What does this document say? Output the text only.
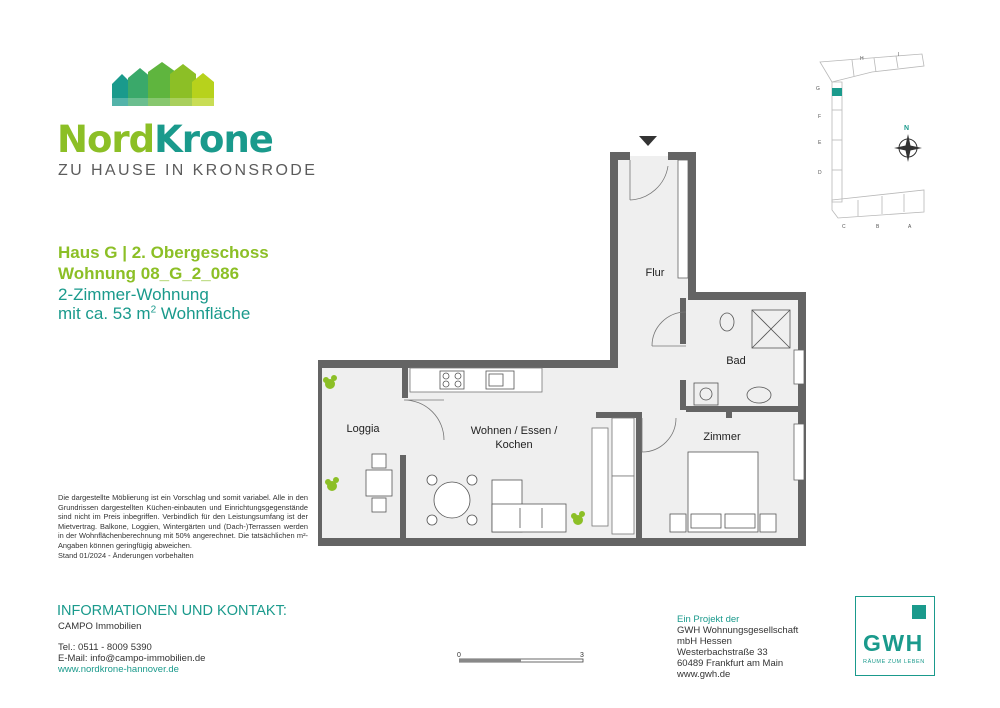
NordKrone
ZU HAUSE IN KRONSRODE
Haus G | 2. Obergeschoss
Wohnung 08_G_2_086
2-Zimmer-Wohnung
mit ca. 53 $m^2$ Wohnfläche
Die dargestellte Möblierung ist ein Vorschlag und somit variabel. Alle in den Grundrissen dargestellten Küchen-einbauten und Einrichtungsgegenstände sind nicht im Preis inbegriffen. Verbindlich für den Leistungsumfang ist der Mietvertrag. Balkone, Loggien, Wintergärten und (Dach-)Terrassen werden in der Wohnflächenberechnung mit 50% angerechnet. Die tatsächlichen m²-Angaben können geringfügig abweichen.
Stand 01/2024 - Änderungen vorbehalten
INFORMATIONEN UND KONTAKT:
CAMPO Immobilien
Tel.: 0511 - 8009 5390
E-Mail: info@campo-immobilien.de
www.nordkrone-hannover.de
Ein Projekt der
GWH Wohnungsgesellschaft
mbH Hessen
Westerbachstraße 33
60489 Frankfurt am Main
www.gwh.de
GWH
RÄUME ZUM LEBEN
0	3
H
I
G
F
E
D
C	B	A
N
Flur
Bad
Loggia	Wohnen / Essen /
Kochen
Zimmer
